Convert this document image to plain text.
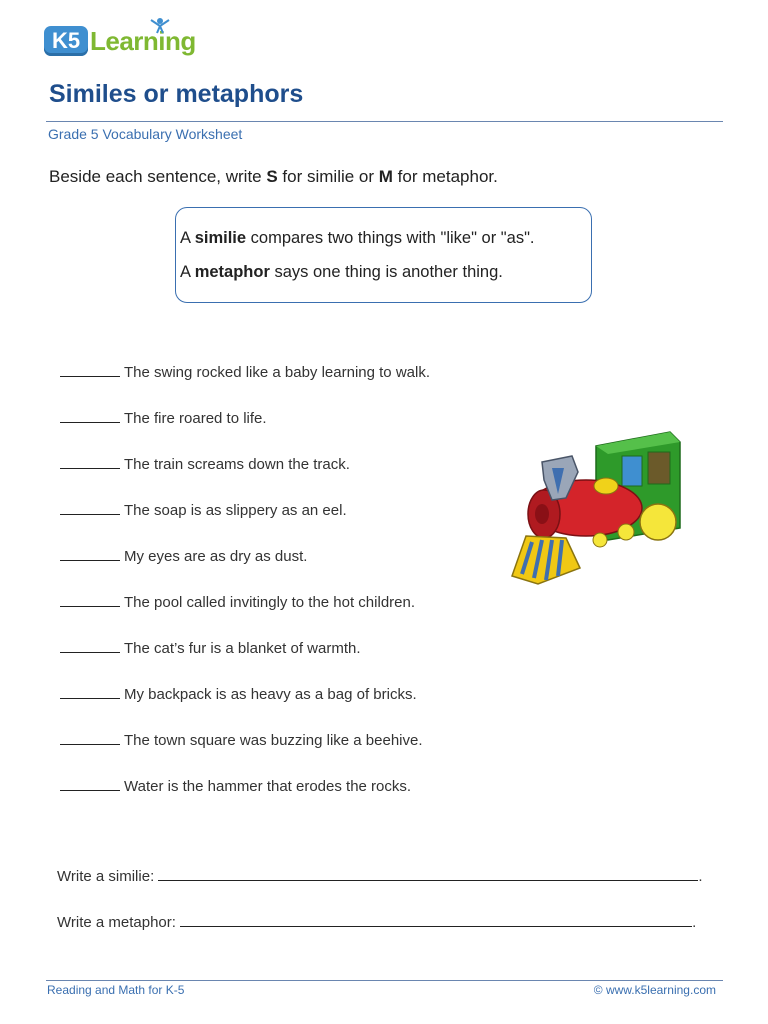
K5 Learning
Similes or metaphors
Grade 5 Vocabulary Worksheet
Beside each sentence, write S for similie or M for metaphor.
A similie compares two things with "like" or "as".
A metaphor says one thing is another thing.
The swing rocked like a baby learning to walk.
The fire roared to life.
The train screams down the track.
The soap is as slippery as an eel.
My eyes are as dry as dust.
The pool called invitingly to the hot children.
The cat’s fur is a blanket of warmth.
My backpack is as heavy as a bag of bricks.
The town square was buzzing like a beehive.
Water is the hammer that erodes the rocks.
Write a similie:	.
Write a metaphor:	.
Reading and Math for K-5	© www.k5learning.com
